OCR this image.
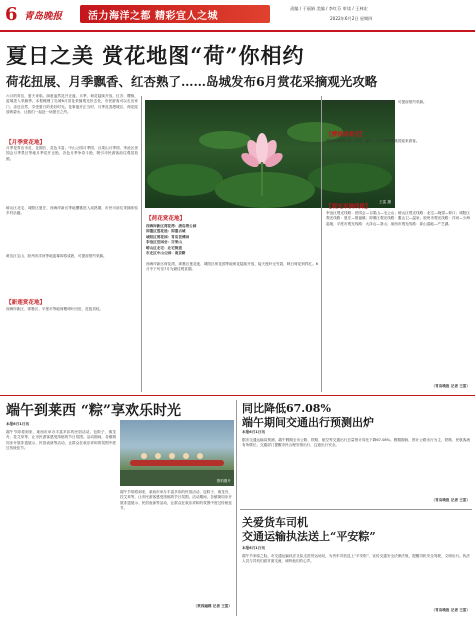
6 青岛晚报	活力海洋之都 精彩宜人之城
责编 / 于丽娟 美编 / 李红芬 审读 / 王林宏
2022年6月2日 星期四
夏日之美 赏花地图“荷”你相约
荷花扭展、月季飘香、红杏熟了……岛城发布6月赏花采摘观光攻略
六月的青岛，夏天来临，绿意盎然花开正盛，月季、荷花陆续开放，红杏、樱桃、蓝莓进入采摘季。本报梳理了岛城6月赏花采摘观光好去处，市民游客可以走出家门，亲近自然，享受夏日的美好时光。花事盛开正当时，月季花香漫城区，荷花绽放映碧水，让我们一起赴一场夏日之约。
【月季赏花地】
月季是青岛市花，花期长、花色丰富。中山公园月季园、百果山月季园、李沧区世园会月季景区等地月季花开正艳，各色月季争奇斗艳，吸引市民游客前往观赏拍照。
崂山区北宅、城阳区夏庄、西海岸新区等地樱桃进入成熟期，市民可前往采摘体验乡村乐趣。
黄岛区宝山、胶州市洋河等地蓝莓即将成熟，可提前预约采摘。
【新莲赏花地】
西海岸新区、即墨区、平度市等地荷塘荷叶田田，花苞初绽。
王雷 摄
【荷花赏花地】
西海岸新区荷花湾：唐岛湾公园
即墨区莲花池：即墨古城
城阳区荷花园：青岛世博园
李沧区世园会：百果山
崂山区北宅：北宅街道
市北区中山公园：南京路
西海岸新区荷花湾、即墨区莲花池、城阳区荷花园等地荷花陆续开放，接天莲叶无穷碧，映日荷花别样红。6月中下旬至7月为最佳观赏期。
黄岛区宝山、胶州市洋河等地蓝莓即将成熟，可提前预约采摘。
【樱桃园观光】
樱桃采摘季已到，北宅、夏庄、王台等地樱桃园迎来游客。
【观光采摘线路】
李沧区观光线路：世园会—百果山—毛公山；崂山区观光线路：北宅—晓望—仰口；城阳区观光线路：夏庄—惜福镇；即墨区观光线路：鳌山卫—温泉；胶州市观光线路：洋河—少海湿地；平度市观光线路：大泽山—茶山；莱西市观光线路：姜山湿地—产芝湖。
（青岛晚报 记者 王雷）
端午到莱西 “粽”享欢乐时光
本报6月1日讯
端午节即将到来，莱西市举办丰富多彩的民俗活动，包粽子、赛龙舟、挂艾草等，让市民游客感受浓郁的节日氛围。活动期间，各镇街同步开展非遗展示、民俗表演等活动，让群众在欢乐祥和的氛围中度过传统佳节。
端午节即将到来，莱西市举办丰富多彩的民俗活动，包粽子、赛龙舟、挂艾草等，让市民游客感受浓郁的节日氛围。活动期间，各镇街同步开展非遗展示、民俗表演等活动，让群众在欢乐祥和的氛围中度过传统佳节。
（莱西融媒 记者 王雷）
资料图片
同比降低67.08%
端午期间交通出行预测出炉
本报6月1日讯
据市交通运输局预测，端午假期全市公路、铁路、航空等交通出行总量预计同比下降67.08%。假期期间，预计公路出行为主，铁路、民航客流有所增长。交通部门提醒市民合理安排出行，注意出行安全。
（青岛晚报 记者 王雷）
关爱货车司机
交通运输执法送上“平安粽”
本报6月1日讯
端午节来临之际，市交通运输执法支队走进货运场站，为货车司机送上“平安粽”，宣传交通安全法律法规，提醒司机安全驾驶、文明出行。执法人员与司机们面对面交流，倾听他们的心声。
（青岛晚报 记者 王雷）
